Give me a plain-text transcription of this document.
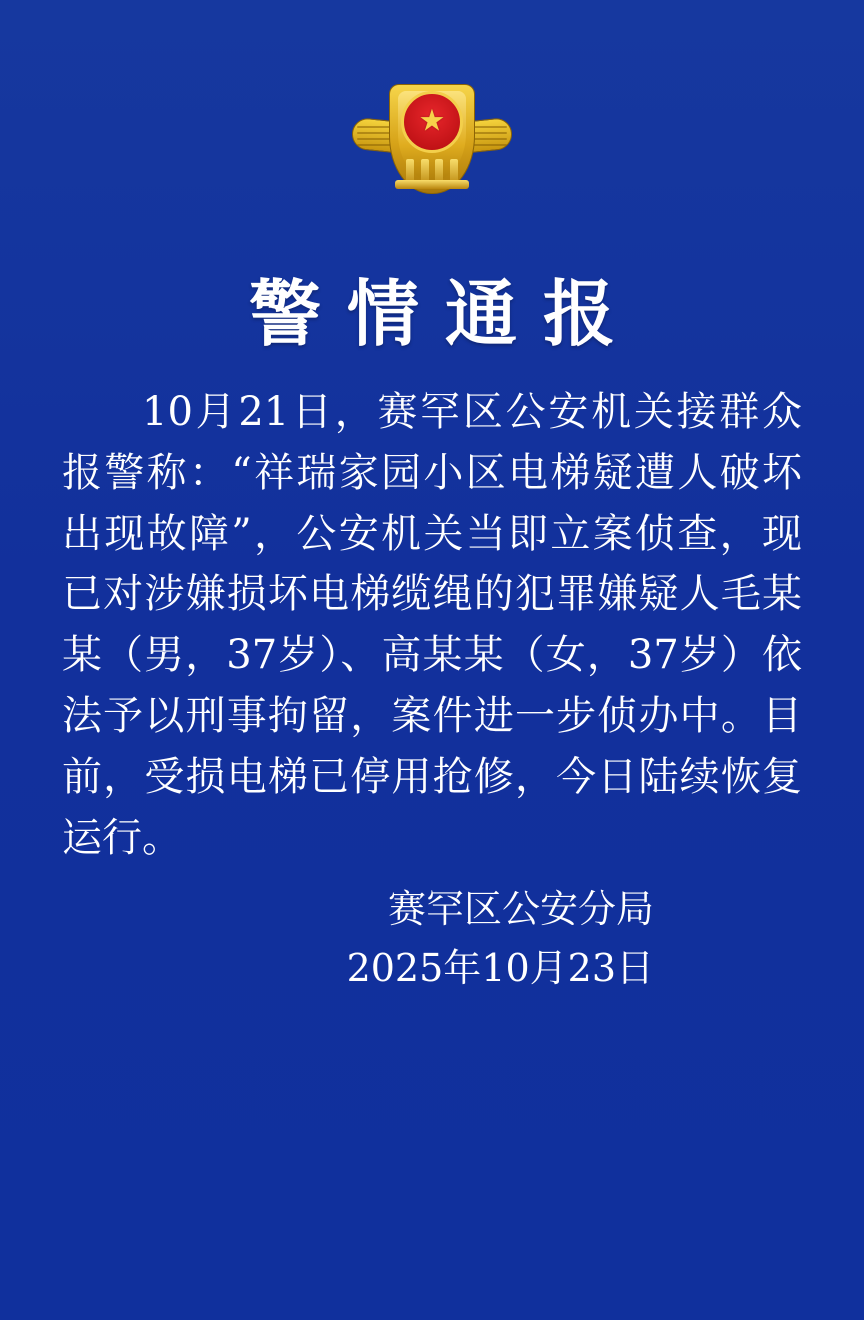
★
警情通报
10月21日，赛罕区公安机关接群众报警称：“祥瑞家园小区电梯疑遭人破坏出现故障”，公安机关当即立案侦查，现已对涉嫌损坏电梯缆绳的犯罪嫌疑人毛某某（男，37岁）、高某某（女，37岁）依法予以刑事拘留，案件进一步侦办中。目前，受损电梯已停用抢修，今日陆续恢复运行。
赛罕区公安分局
2025年10月23日
